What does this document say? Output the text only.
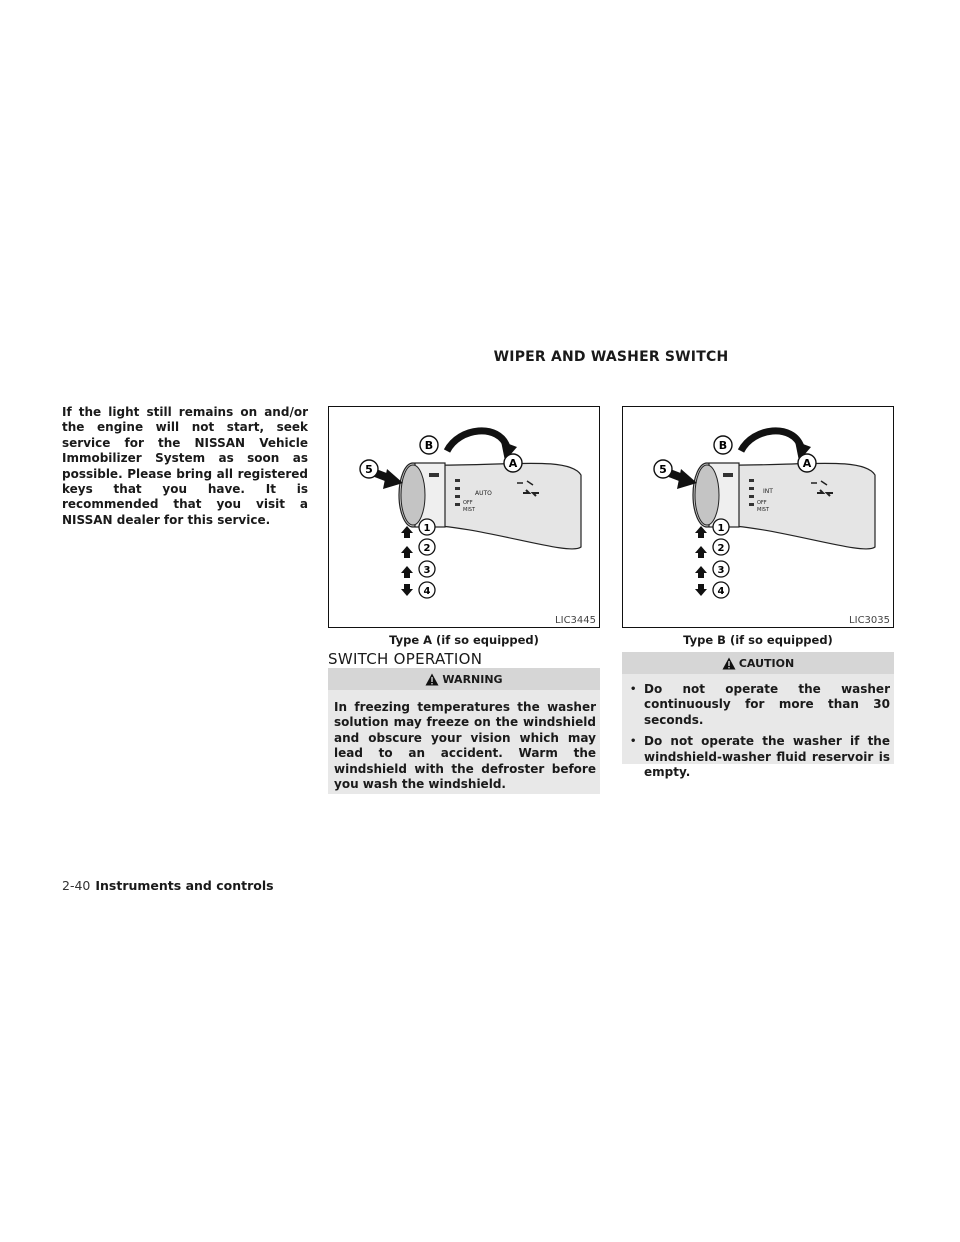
WIPER AND WASHER SWITCH
If the light still remains on and/or the engine will not start, seek service for the NISSAN Vehicle Immobilizer System as soon as possible. Please bring all registered keys that you have. It is recommended that you visit a NISSAN dealer for this service.
AUTO
OFF
MIST
B
A
5
1
2
3
4
LIC3445
Type A (if so equipped)
INT
OFF
MIST
B
A
5
1
2
3
4
LIC3035
Type B (if so equipped)
SWITCH OPERATION
WARNING
In freezing temperatures the washer solution may freeze on the windshield and obscure your vision which may lead to an accident. Warm the windshield with the defroster before you wash the windshield.
CAUTION
• Do not operate the washer continuously for more than 30 seconds.
• Do not operate the washer if the windshield-washer fluid reservoir is empty.
2-40 Instruments and controls
